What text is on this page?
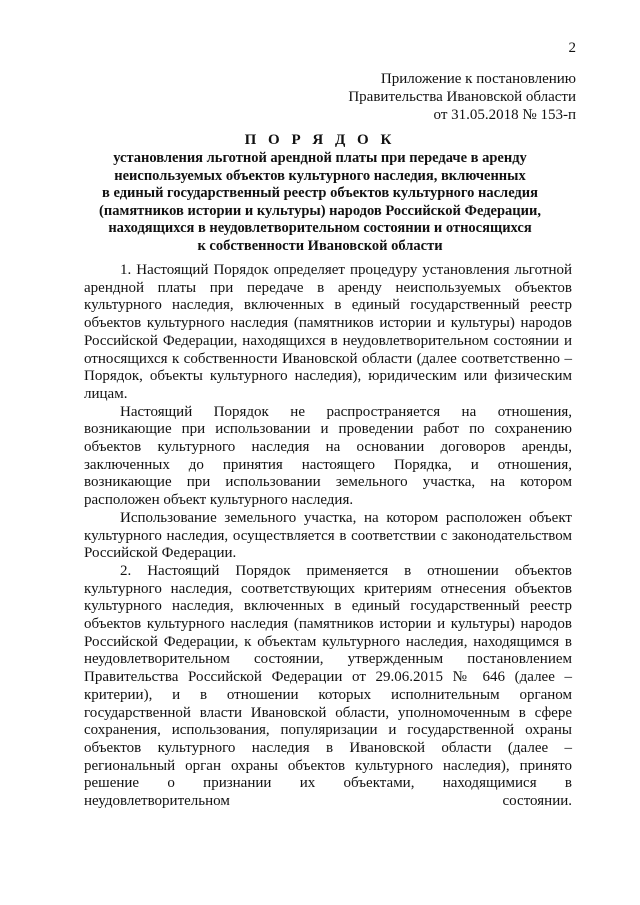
2
Приложение к постановлению
Правительства Ивановской области
от 31.05.2018 № 153-п
П О Р Я Д О К
установления льготной арендной платы при передаче в аренду
неиспользуемых объектов культурного наследия, включенных
в единый государственный реестр объектов культурного наследия
(памятников истории и культуры) народов Российской Федерации,
находящихся в неудовлетворительном состоянии и относящихся
к собственности Ивановской области

1. Настоящий Порядок определяет процедуру установления льготной арендной платы при передаче в аренду неиспользуемых объектов культурного наследия, включенных в единый государственный реестр объектов культурного наследия (памятников истории и культуры) народов Российской Федерации, находящихся в неудовлетворительном состоянии и относящихся к собственности Ивановской области (далее соответственно – Порядок, объекты культурного наследия), юридическим или физическим лицам.

Настоящий Порядок не распространяется на отношения, возникающие при использовании и проведении работ по сохранению объектов культурного наследия на основании договоров аренды, заключенных до принятия настоящего Порядка, и отношения, возникающие при использовании земельного участка, на котором расположен объект культурного наследия.

Использование земельного участка, на котором расположен объект культурного наследия, осуществляется в соответствии с законодательством Российской Федерации.

2. Настоящий Порядок применяется в отношении объектов культурного наследия, соответствующих критериям отнесения объектов культурного наследия, включенных в единый государственный реестр объектов культурного наследия (памятников истории и культуры) народов Российской Федерации, к объектам культурного наследия, находящимся в неудовлетворительном состоянии, утвержденным постановлением Правительства Российской Федерации от 29.06.2015 № 646 (далее – критерии), и в отношении которых исполнительным органом государственной власти Ивановской области, уполномоченным в сфере сохранения, использования, популяризации и государственной охраны объектов культурного наследия в Ивановской области (далее – региональный орган охраны объектов культурного наследия), принято решение о признании их объектами, находящимися в неудовлетворительном состоянии.
